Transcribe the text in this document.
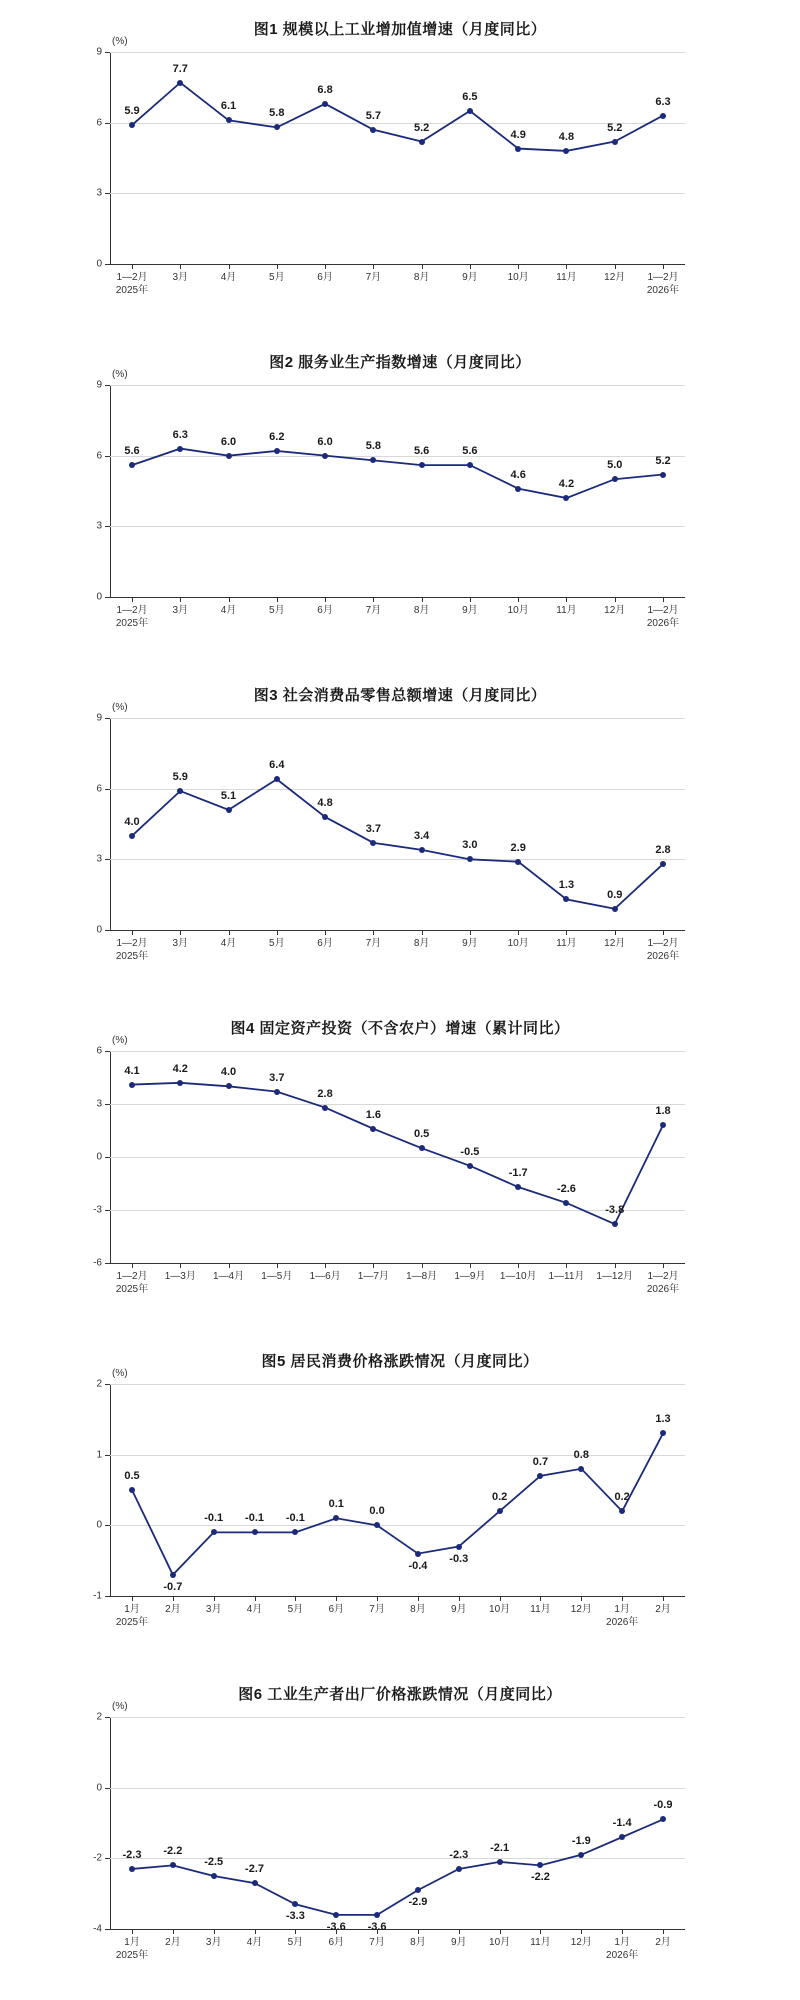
图1 规模以上工业增加值增速（月度同比）
(%)
0
3
6
9
1—2月
2025年
3月	4月	5月	6月	7月	8月	9月	10月	11月	12月 1—2月
2026年
5.9
7.7
6.1
5.8
6.8
5.7
5.2
6.5
4.9	4.8
5.2
6.3
图2 服务业生产指数增速（月度同比）
(%)
0
3
6
9
1—2月
2025年
3月	4月	5月	6月	7月	8月	9月	10月	11月	12月 1—2月
2026年
5.6
6.3
6.0	6.2	6.0	5.8	5.6	5.6
4.6
4.2
5.0	5.2
图3 社会消费品零售总额增速（月度同比）
(%)
0
3
6
9
1—2月
2025年
3月	4月	5月	6月	7月	8月	9月	10月	11月	12月 1—2月
2026年
4.0
5.9
5.1
6.4
4.8
3.7
3.4
3.0	2.9
1.3
0.9
2.8
图4 固定资产投资（不含农户）增速（累计同比）
(%)
-6
-3
0
3
6
1—2月
2025年
1—3月 1—4月 1—5月 1—6月 1—7月 1—8月 1—9月 1—10月 1—11月 1—12月 1—2月
2026年
4.1	4.2	4.0	3.7
2.8
1.6
0.5
-0.5
-1.7
-2.6
-3.8
1.8
图5 居民消费价格涨跌情况（月度同比）
(%)
-1
0
1
2
1月
2025年
2月	3月	4月	5月	6月	7月	8月	9月 10月 11月 12月	1月
2026年
2月
0.5
-0.7
-0.1 -0.1 -0.1
0.1
0.0
-0.4
-0.3
0.2
0.7
0.8
0.2
1.3
图6 工业生产者出厂价格涨跌情况（月度同比）
(%)
-4
-2
0
2
1月
2025年
2月	3月	4月	5月	6月	7月	8月	9月 10月 11月 12月	1月
2026年
2月
-2.3 -2.2
-2.5
-2.7
-3.3
-3.6 -3.6
-2.9
-2.3
-2.1
-2.2
-1.9
-1.4
-0.9
